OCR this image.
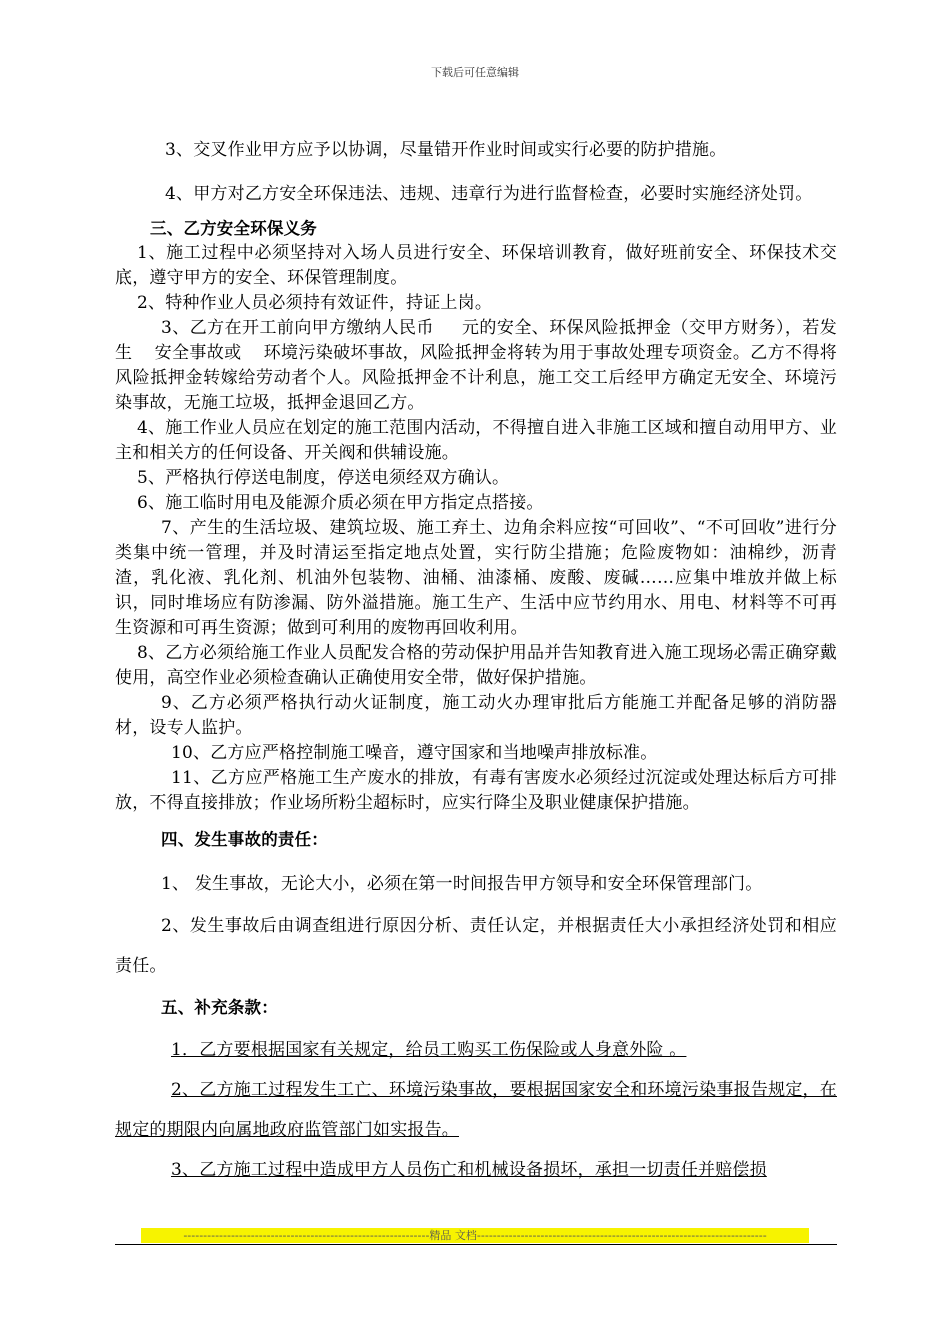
下载后可任意编辑

3、交叉作业甲方应予以协调，尽量错开作业时间或实行必要的防护措施。

4、甲方对乙方安全环保违法、违规、违章行为进行监督检查，必要时实施经济处罚。

三、乙方安全环保义务

1、施工过程中必须坚持对入场人员进行安全、环保培训教育，做好班前安全、环保技术交底，遵守甲方的安全、环保管理制度。

2、特种作业人员必须持有效证件，持证上岗。

3、乙方在开工前向甲方缴纳人民币 元的安全、环保风险抵押金（交甲方财务），若发生 安全事故或 环境污染破坏事故，风险抵押金将转为用于事故处理专项资金。乙方不得将风险抵押金转嫁给劳动者个人。风险抵押金不计利息，施工交工后经甲方确定无安全、环境污染事故，无施工垃圾，抵押金退回乙方。

4、施工作业人员应在划定的施工范围内活动，不得擅自进入非施工区域和擅自动用甲方、业主和相关方的任何设备、开关阀和供辅设施。

5、严格执行停送电制度，停送电须经双方确认。

6、施工临时用电及能源介质必须在甲方指定点搭接。

7、产生的生活垃圾、建筑垃圾、施工弃土、边角余料应按“可回收”、“不可回收”进行分类集中统一管理，并及时清运至指定地点处置，实行防尘措施；危险废物如：油棉纱，沥青渣，乳化液、乳化剂、机油外包装物、油桶、油漆桶、废酸、废碱……应集中堆放并做上标识，同时堆场应有防渗漏、防外溢措施。施工生产、生活中应节约用水、用电、材料等不可再生资源和可再生资源；做到可利用的废物再回收利用。

8、乙方必须给施工作业人员配发合格的劳动保护用品并告知教育进入施工现场必需正确穿戴使用，高空作业必须检查确认正确使用安全带，做好保护措施。

9、乙方必须严格执行动火证制度，施工动火办理审批后方能施工并配备足够的消防器材，设专人监护。

10、乙方应严格控制施工噪音，遵守国家和当地噪声排放标准。

11、乙方应严格施工生产废水的排放，有毒有害废水必须经过沉淀或处理达标后方可排放，不得直接排放；作业场所粉尘超标时，应实行降尘及职业健康保护措施。

四、发生事故的责任：

1、 发生事故，无论大小，必须在第一时间报告甲方领导和安全环保管理部门。

2、发生事故后由调查组进行原因分析、责任认定，并根据责任大小承担经济处罚和相应责任。

五、补充条款：

1．乙方要根据国家有关规定，给员工购买工伤保险或人身意外险 。

2、乙方施工过程发生工亡、环境污染事故，要根据国家安全和环境污染事报告规定，在规定的期限内向属地政府监管部门如实报告。

3、乙方施工过程中造成甲方人员伤亡和机械设备损坏，承担一切责任并赔偿损

--------------------------------------------------------------精品 文档-------------------------------------------------------------------------
